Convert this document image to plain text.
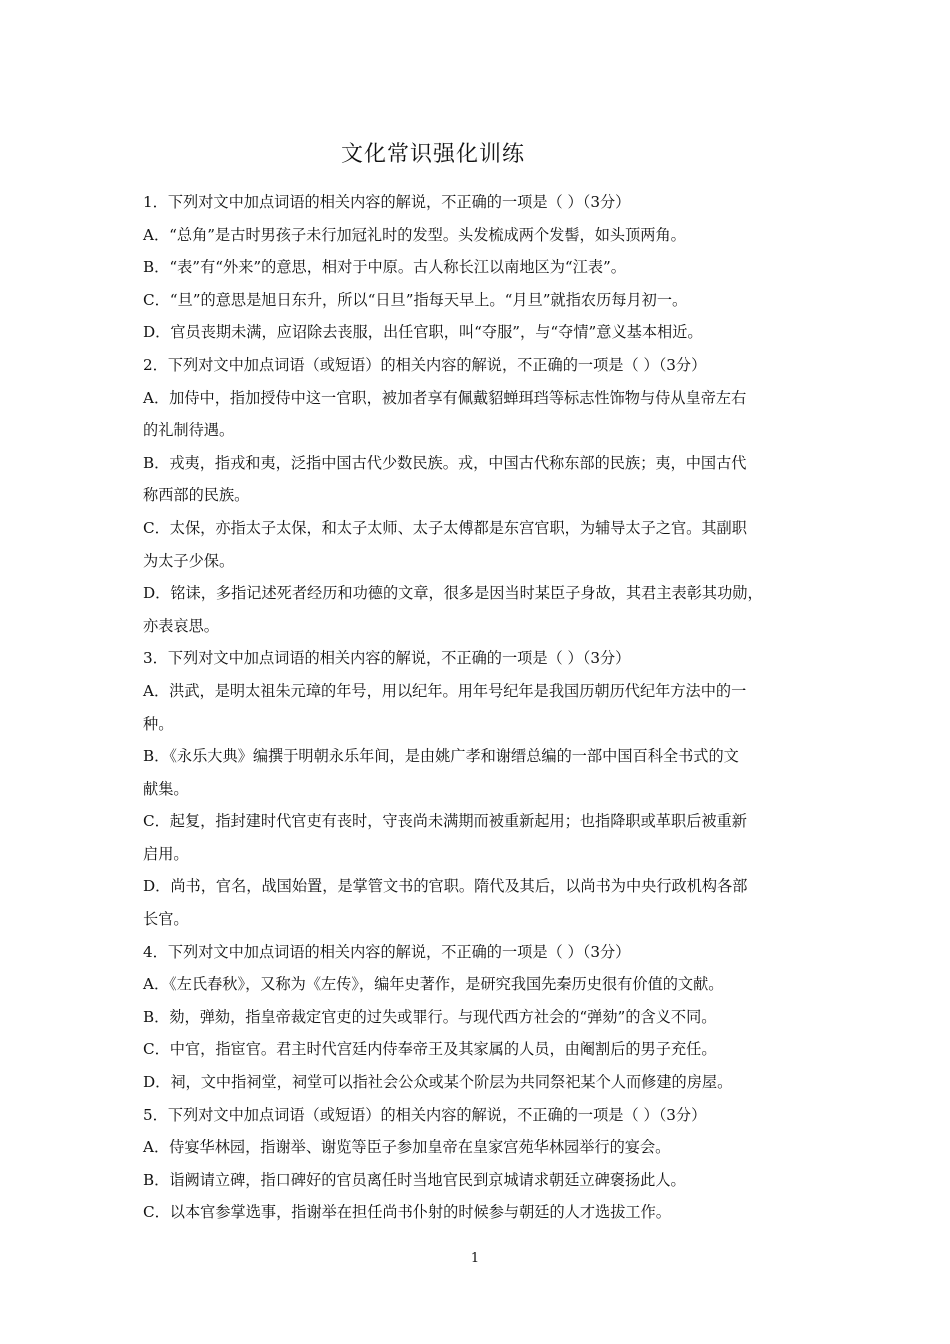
文化常识强化训练
1．下列对文中加点词语的相关内容的解说，不正确的一项是（ ）（3分）
A．“总角”是古时男孩子未行加冠礼时的发型。头发梳成两个发髻，如头顶两角。
B．“表”有“外来”的意思，相对于中原。古人称长江以南地区为“江表”。
C．“旦”的意思是旭日东升，所以“日旦”指每天早上。“月旦”就指农历每月初一。
D．官员丧期未满，应诏除去丧服，出任官职，叫“夺服”，与“夺情”意义基本相近。
2．下列对文中加点词语（或短语）的相关内容的解说，不正确的一项是（ ）（3分）
A．加侍中，指加授侍中这一官职，被加者享有佩戴貂蝉珥珰等标志性饰物与侍从皇帝左右
的礼制待遇。
B．戎夷，指戎和夷，泛指中国古代少数民族。戎，中国古代称东部的民族；夷，中国古代
称西部的民族。
C．太保，亦指太子太保，和太子太师、太子太傅都是东宫官职，为辅导太子之官。其副职
为太子少保。
D．铭诔，多指记述死者经历和功德的文章，很多是因当时某臣子身故，其君主表彰其功勋，
亦表哀思。
3．下列对文中加点词语的相关内容的解说，不正确的一项是（ ）（3分）
A．洪武，是明太祖朱元璋的年号，用以纪年。用年号纪年是我国历朝历代纪年方法中的一
种。
B．《永乐大典》编撰于明朝永乐年间，是由姚广孝和谢缙总编的一部中国百科全书式的文
献集。
C．起复，指封建时代官吏有丧时，守丧尚未满期而被重新起用；也指降职或革职后被重新
启用。
D．尚书，官名，战国始置，是掌管文书的官职。隋代及其后，以尚书为中央行政机构各部
长官。
4．下列对文中加点词语的相关内容的解说，不正确的一项是（ ）（3分）
A．《左氏春秋》，又称为《左传》，编年史著作，是研究我国先秦历史很有价值的文献。
B．劾，弹劾，指皇帝裁定官吏的过失或罪行。与现代西方社会的“弹劾”的含义不同。
C．中官，指宦官。君主时代宫廷内侍奉帝王及其家属的人员，由阉割后的男子充任。
D．祠，文中指祠堂，祠堂可以指社会公众或某个阶层为共同祭祀某个人而修建的房屋。
5．下列对文中加点词语（或短语）的相关内容的解说，不正确的一项是（ ）（3分）
A．侍宴华林园，指谢举、谢览等臣子参加皇帝在皇家宫苑华林园举行的宴会。
B．诣阙请立碑，指口碑好的官员离任时当地官民到京城请求朝廷立碑褒扬此人。
C．以本官参掌选事，指谢举在担任尚书仆射的时候参与朝廷的人才选拔工作。
1
